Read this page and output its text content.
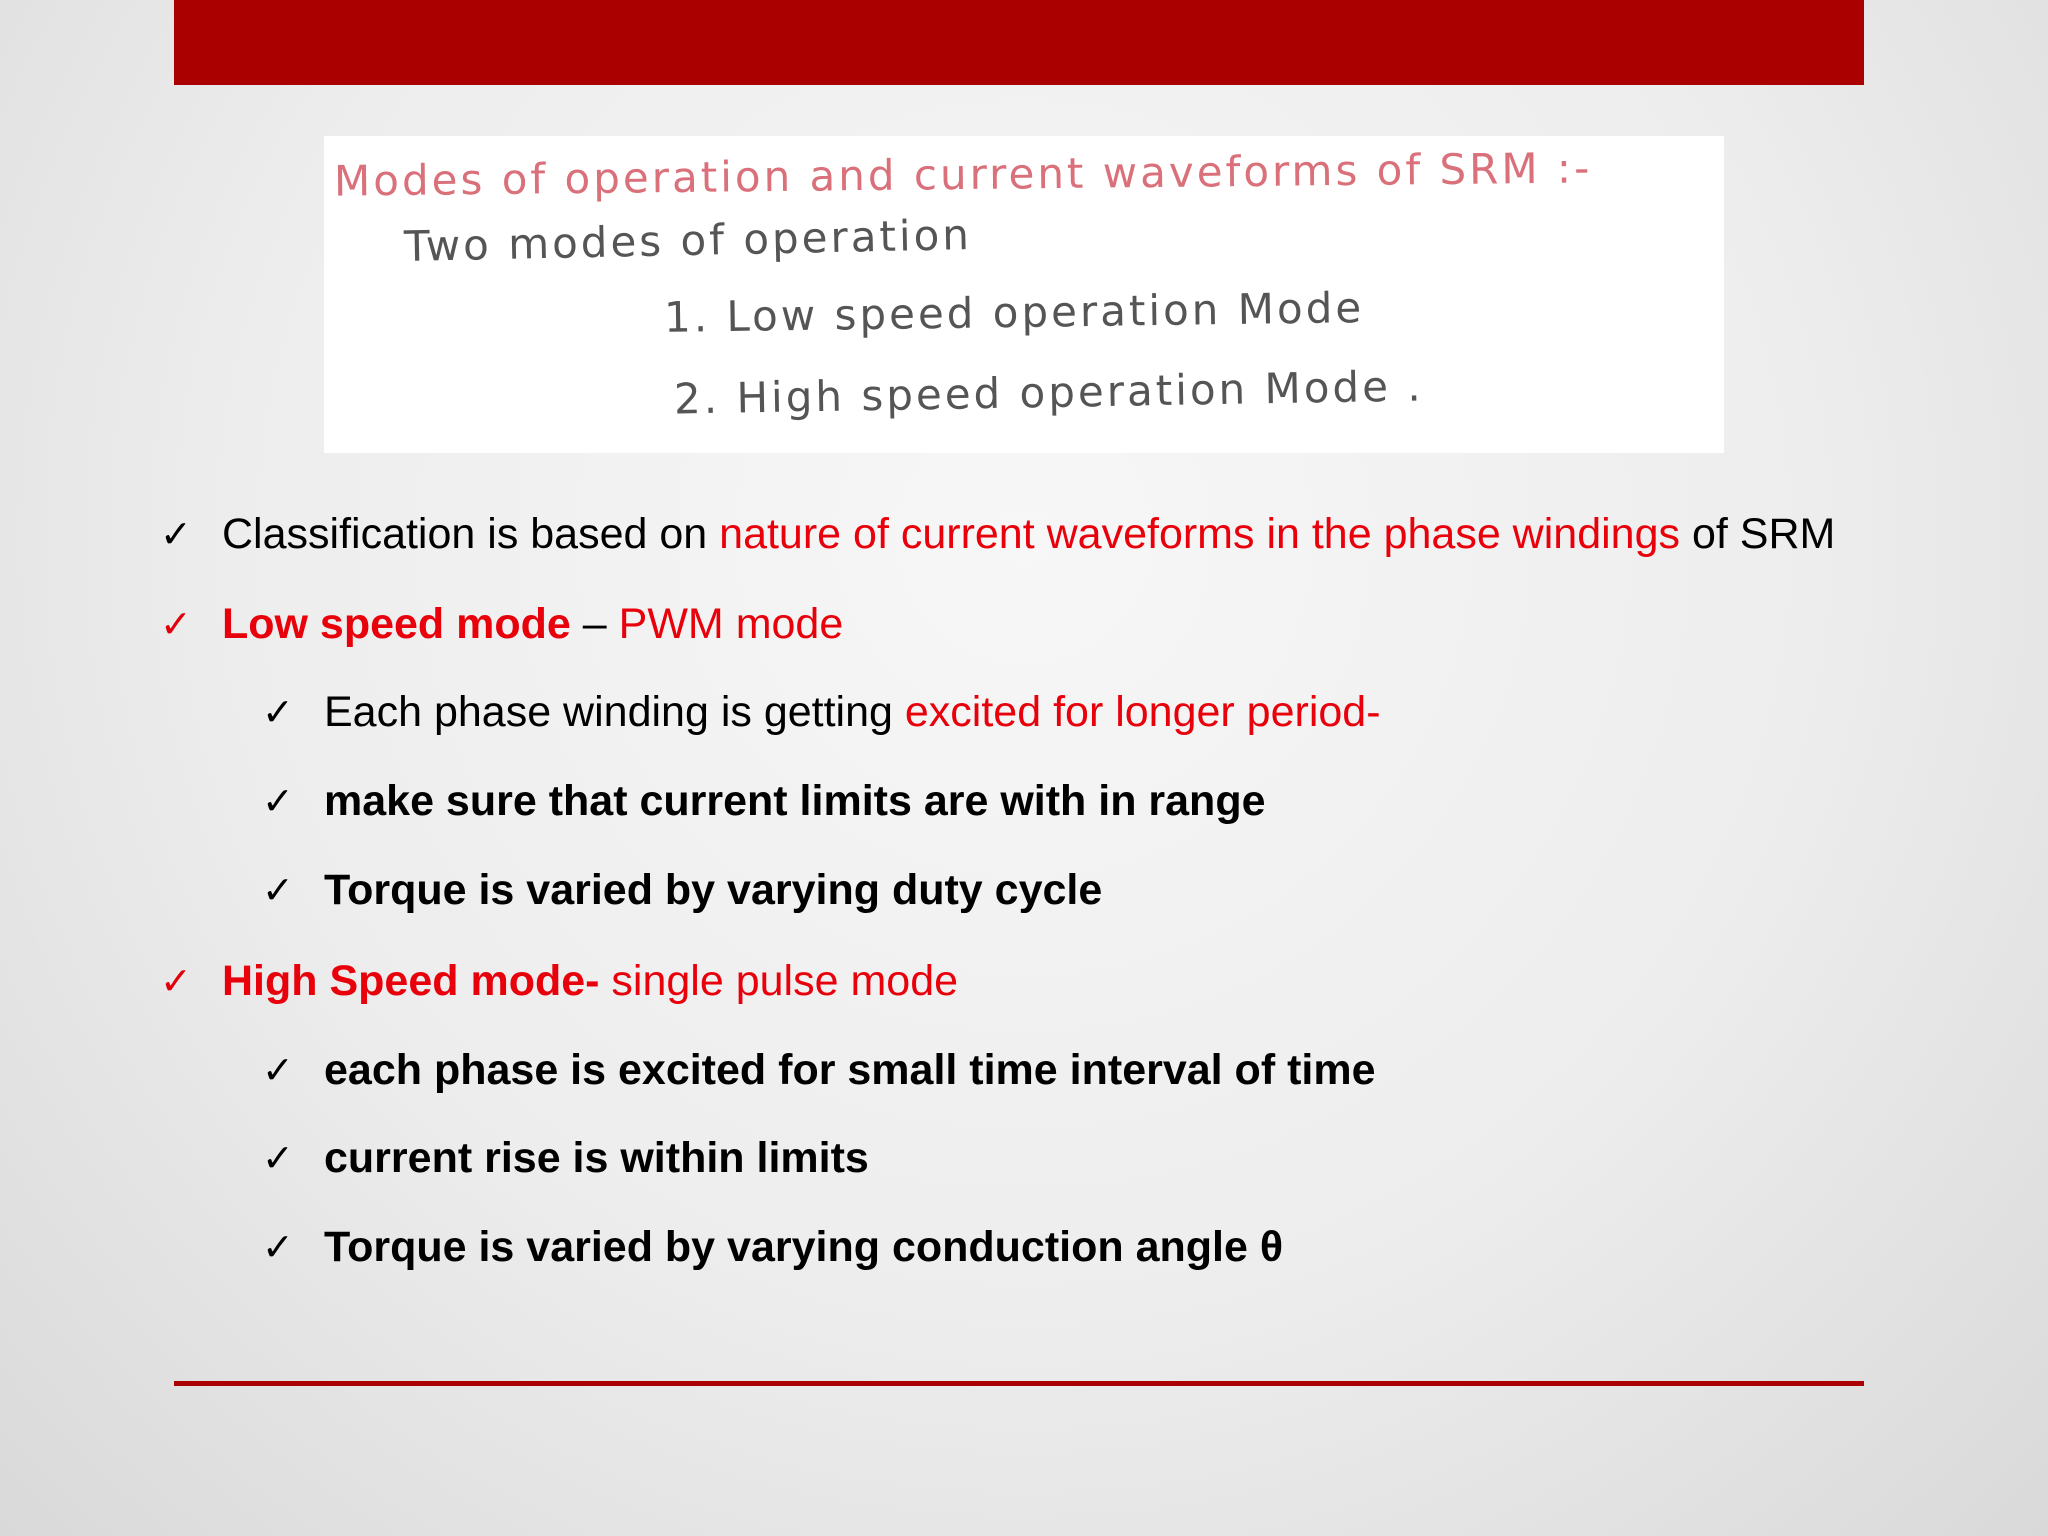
Modes of operation and current waveforms of SRM :-
Two modes of operation
1. Low speed operation Mode
2. High speed operation Mode .
✓ Classification is based on nature of current waveforms in the phase windings of SRM
✓ Low speed mode – PWM mode
✓ Each phase winding is getting excited for longer period-
✓ make sure that current limits are with in range
✓ Torque is varied by varying duty cycle
✓ High Speed mode- single pulse mode
✓ each phase is excited for small time interval of time
✓ current rise is within limits
✓ Torque is varied by varying conduction angle θ
